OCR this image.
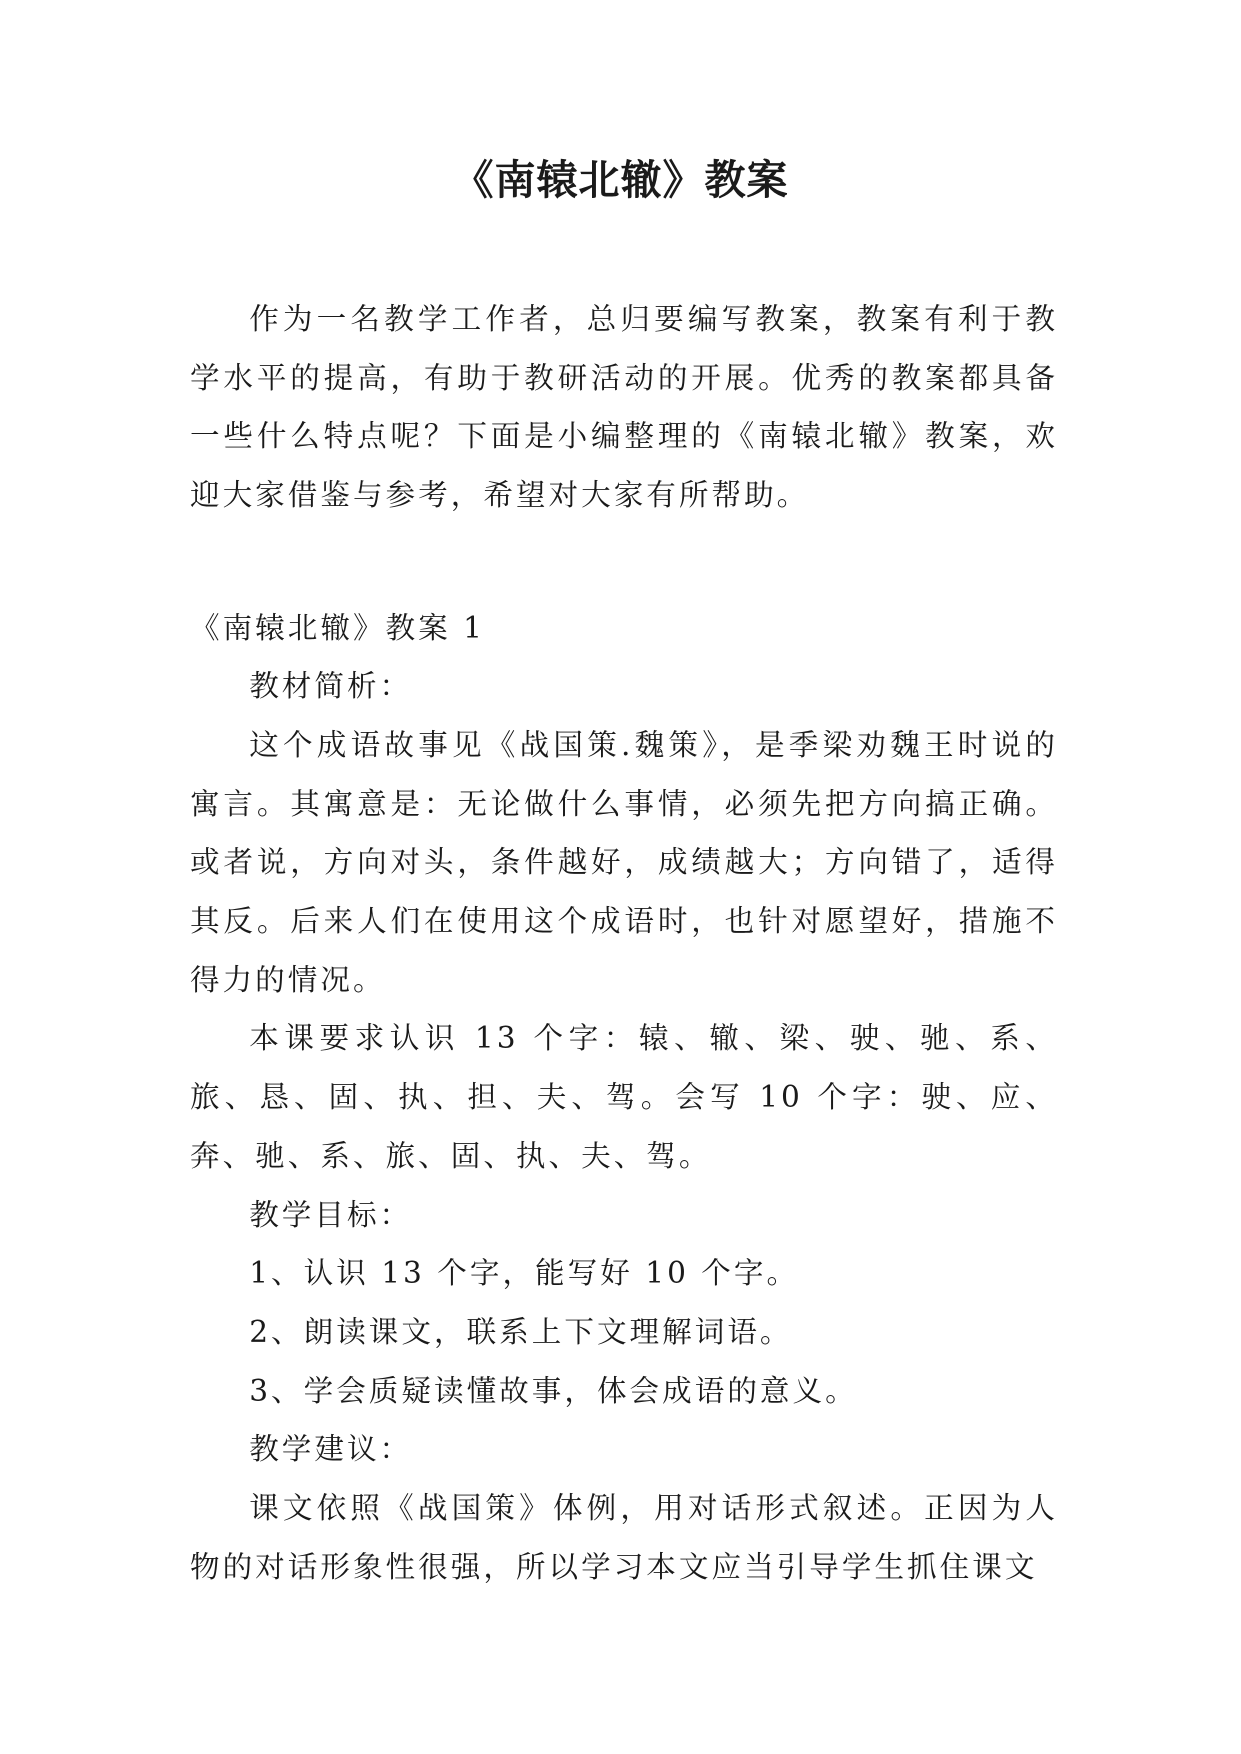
《南辕北辙》教案

作为一名教学工作者，总归要编写教案，教案有利于教学水平的提高，有助于教研活动的开展。优秀的教案都具备一些什么特点呢？下面是小编整理的《南辕北辙》教案，欢迎大家借鉴与参考，希望对大家有所帮助。

《南辕北辙》教案 1

教材简析：

这个成语故事见《战国策.魏策》，是季梁劝魏王时说的寓言。其寓意是：无论做什么事情，必须先把方向搞正确。或者说，方向对头，条件越好，成绩越大；方向错了，适得其反。后来人们在使用这个成语时，也针对愿望好，措施不得力的情况。

本课要求认识 13 个字：辕、辙、梁、驶、驰、系、旅、恳、固、执、担、夫、驾。会写 10 个字：驶、应、奔、驰、系、旅、固、执、夫、驾。

教学目标：

1、认识 13 个字，能写好 10 个字。

2、朗读课文，联系上下文理解词语。

3、学会质疑读懂故事，体会成语的意义。

教学建议：

课文依照《战国策》体例，用对话形式叙述。正因为人物的对话形象性很强，所以学习本文应当引导学生抓住课文
